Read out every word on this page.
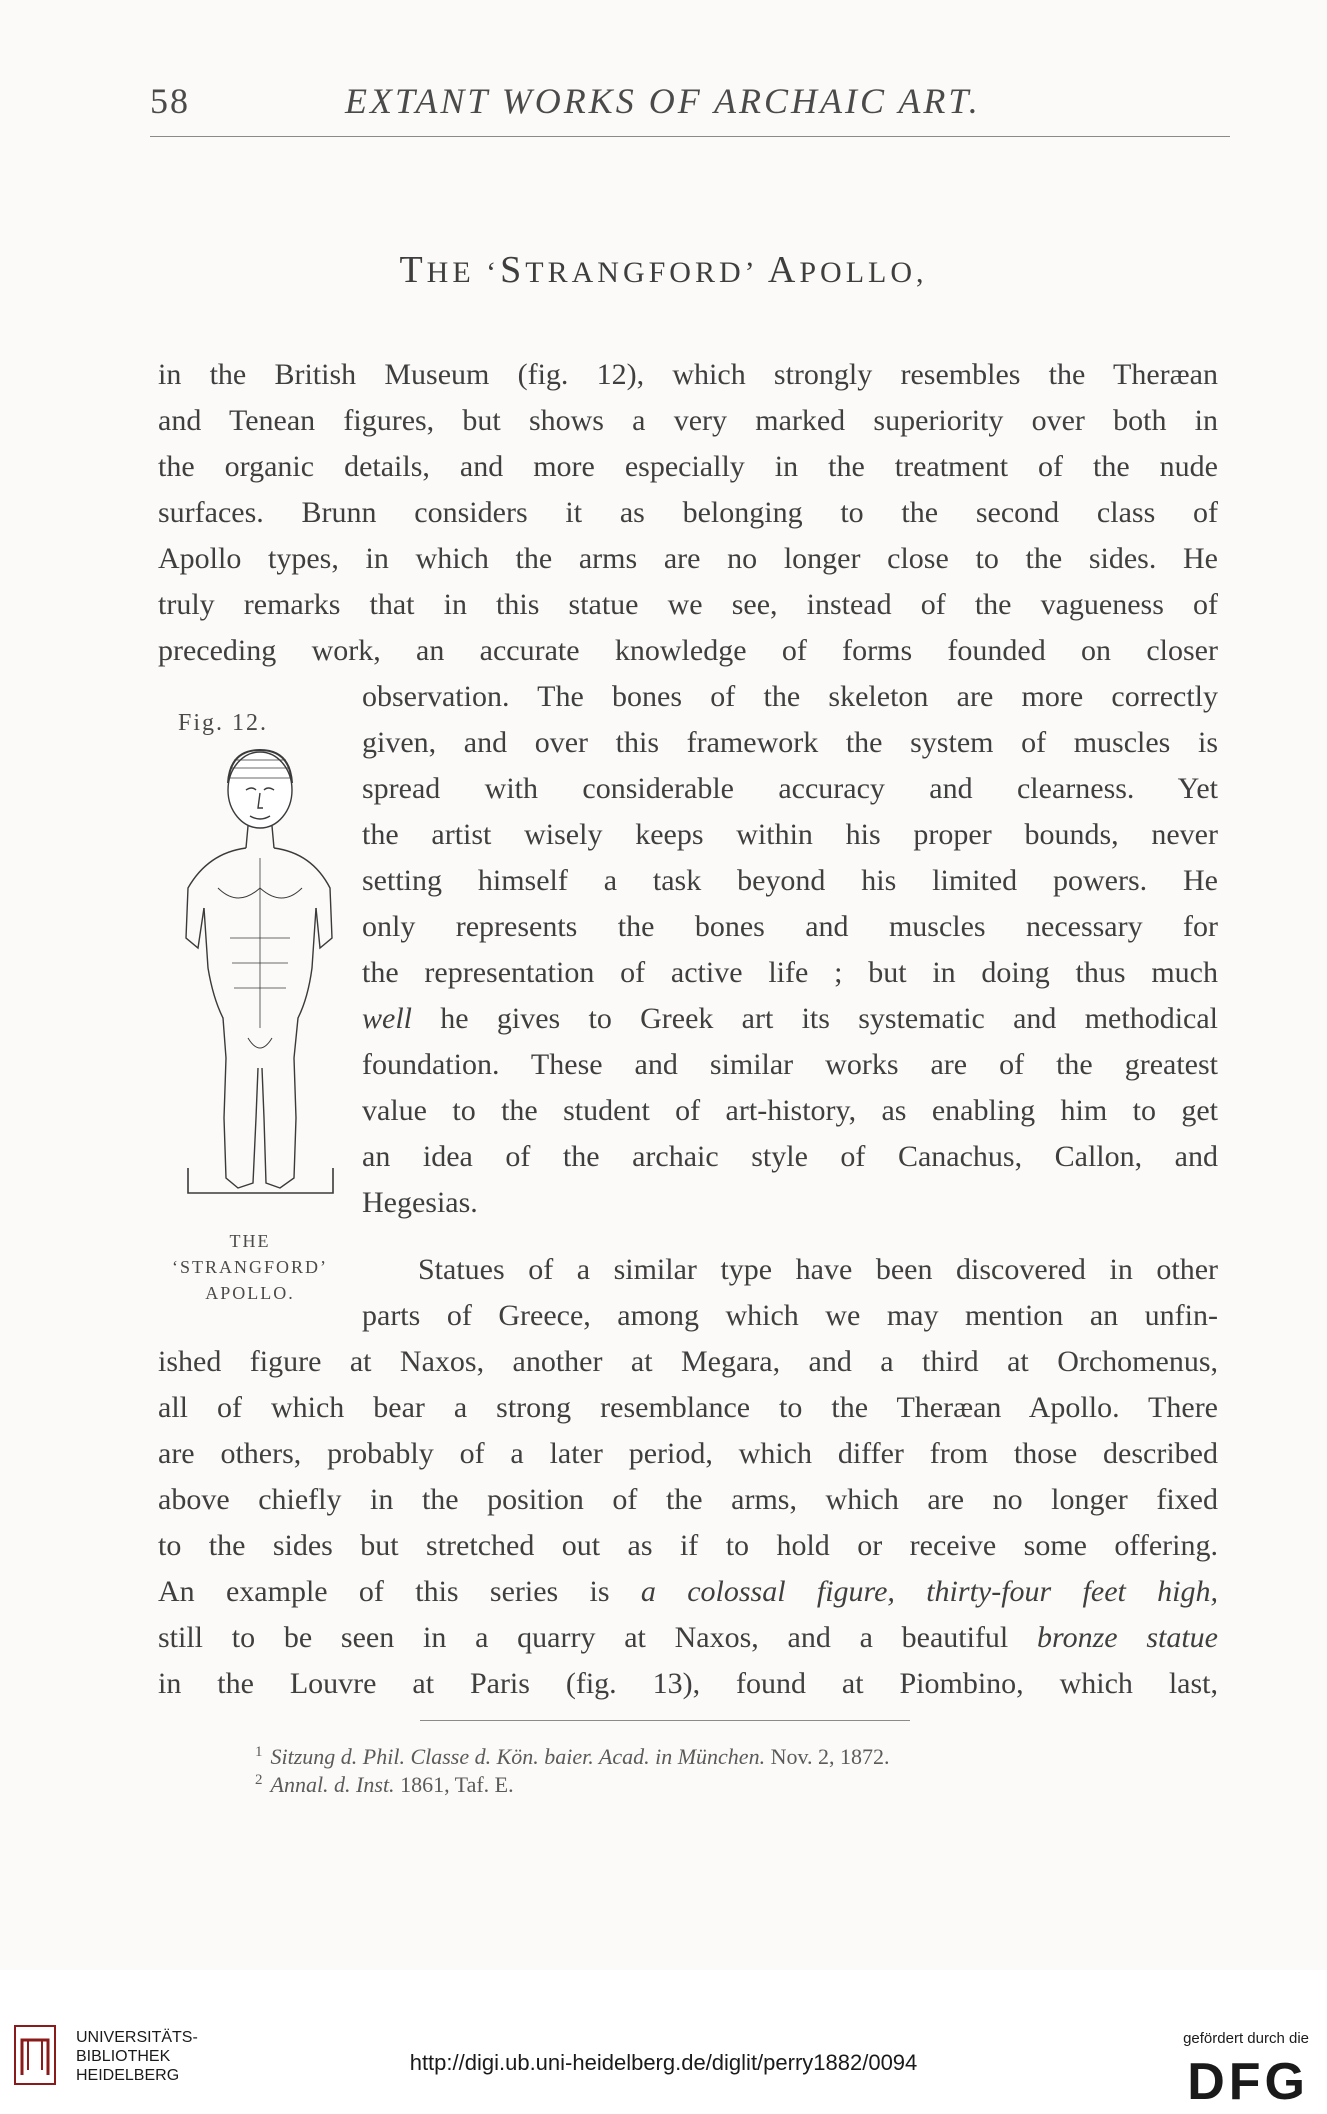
58	EXTANT WORKS OF ARCHAIC ART.
THE ‘STRANGFORD’ APOLLO,
in the British Museum (fig. 12), which strongly resembles the Theræan
and Tenean figures, but shows a very marked superiority over both in
the organic details, and more especially in the treatment of the nude
surfaces. Brunn considers it as belonging to the second class of
Apollo types, in which the arms are no longer close to the sides. He
truly remarks that in this statue we see, instead of the vagueness of
preceding work, an accurate knowledge of forms founded on closer
Fig. 12.
observation. The bones of the skeleton are more correctly
given, and over this framework the system of muscles is
spread with considerable accuracy and clearness. Yet
the artist wisely keeps within his proper bounds, never
setting himself a task beyond his limited powers. He
only represents the bones and muscles necessary for
the representation of active life ; but in doing thus much
well he gives to Greek art its systematic and methodical
foundation. These and similar works are of the greatest
value to the student of art-history, as enabling him to get
an idea of the archaic style of Canachus, Callon, and
Hegesias.
THE
‘STRANGFORD’
APOLLO.
Statues of a similar type have been discovered in other
parts of Greece, among which we may mention an unfin-
ished figure at Naxos, another at Megara, and a third at Orchomenus,
all of which bear a strong resemblance to the Theræan Apollo. There
are others, probably of a later period, which differ from those described
above chiefly in the position of the arms, which are no longer fixed
to the sides but stretched out as if to hold or receive some offering.
An example of this series is a colossal figure, thirty-four feet high,
still to be seen in a quarry at Naxos, and a beautiful bronze statue
in the Louvre at Paris (fig. 13), found at Piombino, which last,
$^1$ Sitzung d. Phil. Classe d. Kön. baier. Acad. in München. Nov. 2, 1872.
$^2$ Annal. d. Inst. 1861, Taf. E.
UNIVERSITÄTS-
BIBLIOTHEK
HEIDELBERG
http://digi.ub.uni-heidelberg.de/diglit/perry1882/0094
gefördert durch die
DFG
